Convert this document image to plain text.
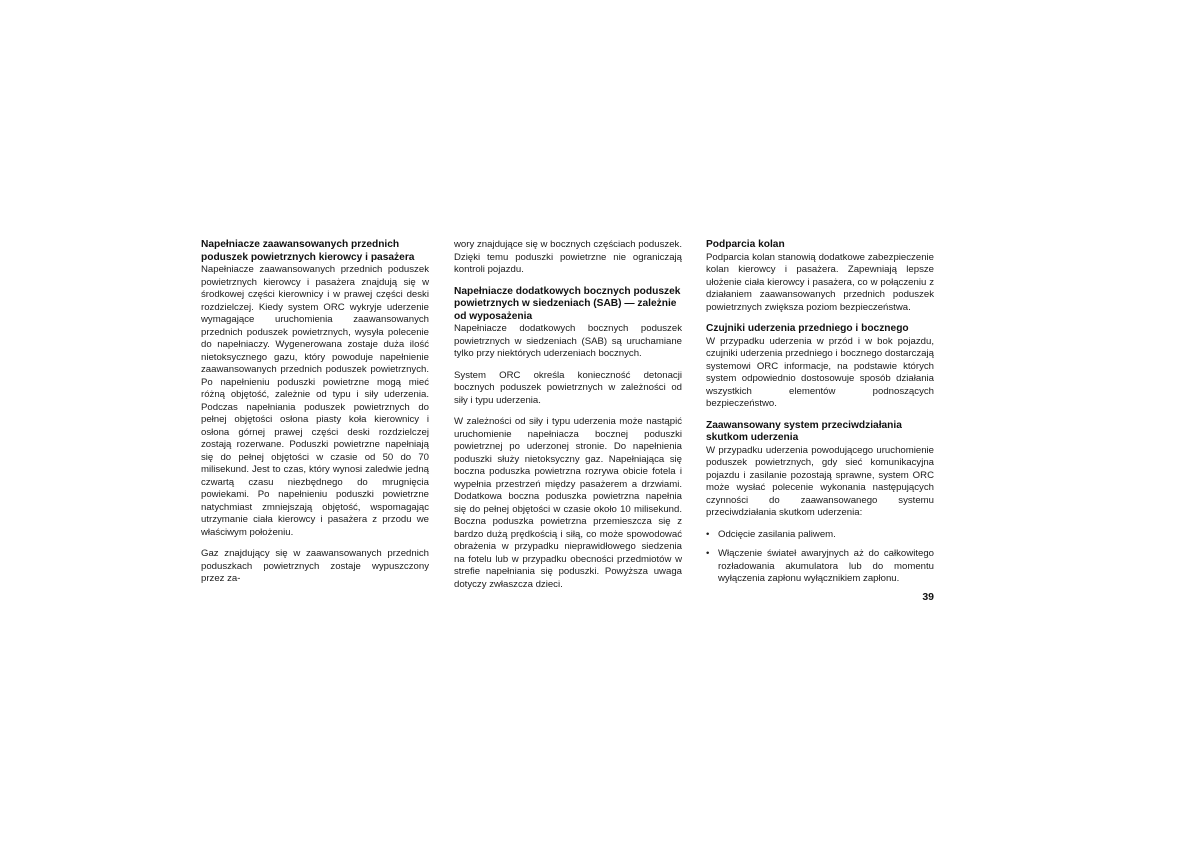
Napełniacze zaawansowanych przednich poduszek powietrznych kierowcy i pasażera

Napełniacze zaawansowanych przednich poduszek powietrznych kierowcy i pasażera znajdują się w środkowej części kierownicy i w prawej części deski rozdzielczej. Kiedy system ORC wykryje uderzenie wymagające uruchomienia zaawansowanych przednich poduszek powietrznych, wysyła polecenie do napełniaczy. Wygenerowana zostaje duża ilość nietoksycznego gazu, który powoduje napełnienie zaawansowanych przednich poduszek powietrznych. Po napełnieniu poduszki powietrzne mogą mieć różną objętość, zależnie od typu i siły uderzenia. Podczas napełniania poduszek powietrznych do pełnej objętości osłona piasty koła kierownicy i osłona górnej prawej części deski rozdzielczej zostają rozerwane. Poduszki powietrzne napełniają się do pełnej objętości w czasie od 50 do 70 milisekund. Jest to czas, który wynosi zaledwie jedną czwartą czasu niezbędnego do mrugnięcia powiekami. Po napełnieniu poduszki powietrzne natychmiast zmniejszają objętość, wspomagając utrzymanie ciała kierowcy i pasażera z przodu we właściwym położeniu.

Gaz znajdujący się w zaawansowanych przednich poduszkach powietrznych zostaje wypuszczony przez za-

wory znajdujące się w bocznych częściach poduszek. Dzięki temu poduszki powietrzne nie ograniczają kontroli pojazdu.

Napełniacze dodatkowych bocznych poduszek powietrznych w siedzeniach (SAB) — zależnie od wyposażenia

Napełniacze dodatkowych bocznych poduszek powietrznych w siedzeniach (SAB) są uruchamiane tylko przy niektórych uderzeniach bocznych.

System ORC określa konieczność detonacji bocznych poduszek powietrznych w zależności od siły i typu uderzenia.

W zależności od siły i typu uderzenia może nastąpić uruchomienie napełniacza bocznej poduszki powietrznej po uderzonej stronie. Do napełnienia poduszki służy nietoksyczny gaz. Napełniająca się boczna poduszka powietrzna rozrywa obicie fotela i wypełnia przestrzeń między pasażerem a drzwiami. Dodatkowa boczna poduszka powietrzna napełnia się do pełnej objętości w czasie około 10 milisekund. Boczna poduszka powietrzna przemieszcza się z bardzo dużą prędkością i siłą, co może spowodować obrażenia w przypadku nieprawidłowego siedzenia na fotelu lub w przypadku obecności przedmiotów w strefie napełniania się poduszki. Powyższa uwaga dotyczy zwłaszcza dzieci.

Podparcia kolan

Podparcia kolan stanowią dodatkowe zabezpieczenie kolan kierowcy i pasażera. Zapewniają lepsze ułożenie ciała kierowcy i pasażera, co w połączeniu z działaniem zaawansowanych przednich poduszek powietrznych zwiększa poziom bezpieczeństwa.

Czujniki uderzenia przedniego i bocznego

W przypadku uderzenia w przód i w bok pojazdu, czujniki uderzenia przedniego i bocznego dostarczają systemowi ORC informacje, na podstawie których system odpowiednio dostosowuje sposób działania wszystkich elementów podnoszących bezpieczeństwo.

Zaawansowany system przeciwdziałania skutkom uderzenia

W przypadku uderzenia powodującego uruchomienie poduszek powietrznych, gdy sieć komunikacyjna pojazdu i zasilanie pozostają sprawne, system ORC może wysłać polecenie wykonania następujących czynności do zaawansowanego systemu przeciwdziałania skutkom uderzenia:

• Odcięcie zasilania paliwem.
• Włączenie świateł awaryjnych aż do całkowitego rozładowania akumulatora lub do momentu wyłączenia zapłonu wyłącznikiem zapłonu.
39
